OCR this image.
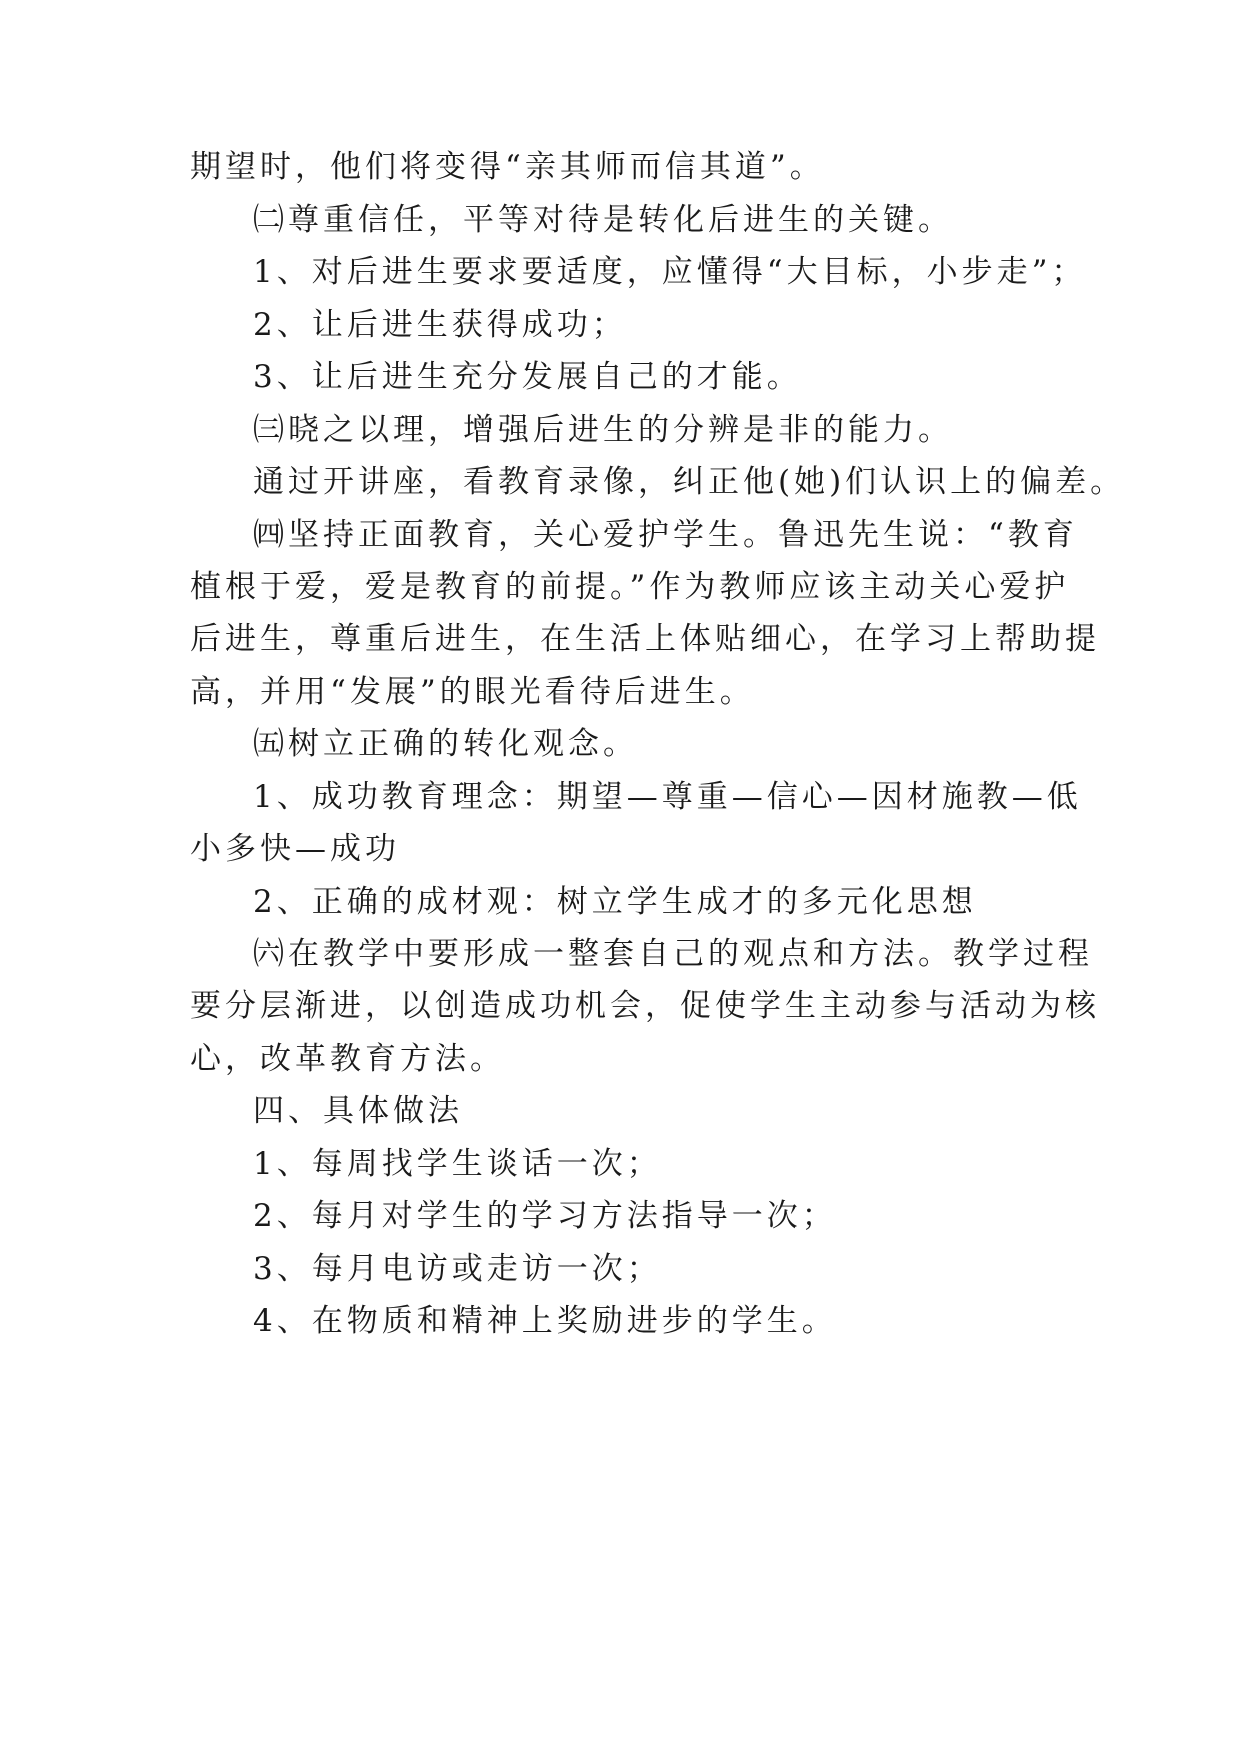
期望时，他们将变得“亲其师而信其道”。
㈡尊重信任，平等对待是转化后进生的关键。
1、对后进生要求要适度，应懂得“大目标，小步走”；
2、让后进生获得成功；
3、让后进生充分发展自己的才能。
㈢晓之以理，增强后进生的分辨是非的能力。
通过开讲座，看教育录像，纠正他(她)们认识上的偏差。
㈣坚持正面教育，关心爱护学生。鲁迅先生说：“教育
植根于爱，爱是教育的前提。”作为教师应该主动关心爱护
后进生，尊重后进生，在生活上体贴细心，在学习上帮助提
高，并用“发展”的眼光看待后进生。
㈤树立正确的转化观念。
1、成功教育理念：期望—尊重—信心—因材施教—低
小多快—成功
2、正确的成材观：树立学生成才的多元化思想
㈥在教学中要形成一整套自己的观点和方法。教学过程
要分层渐进，以创造成功机会，促使学生主动参与活动为核
心，改革教育方法。
四、具体做法
1、每周找学生谈话一次；
2、每月对学生的学习方法指导一次；
3、每月电访或走访一次；
4、在物质和精神上奖励进步的学生。
